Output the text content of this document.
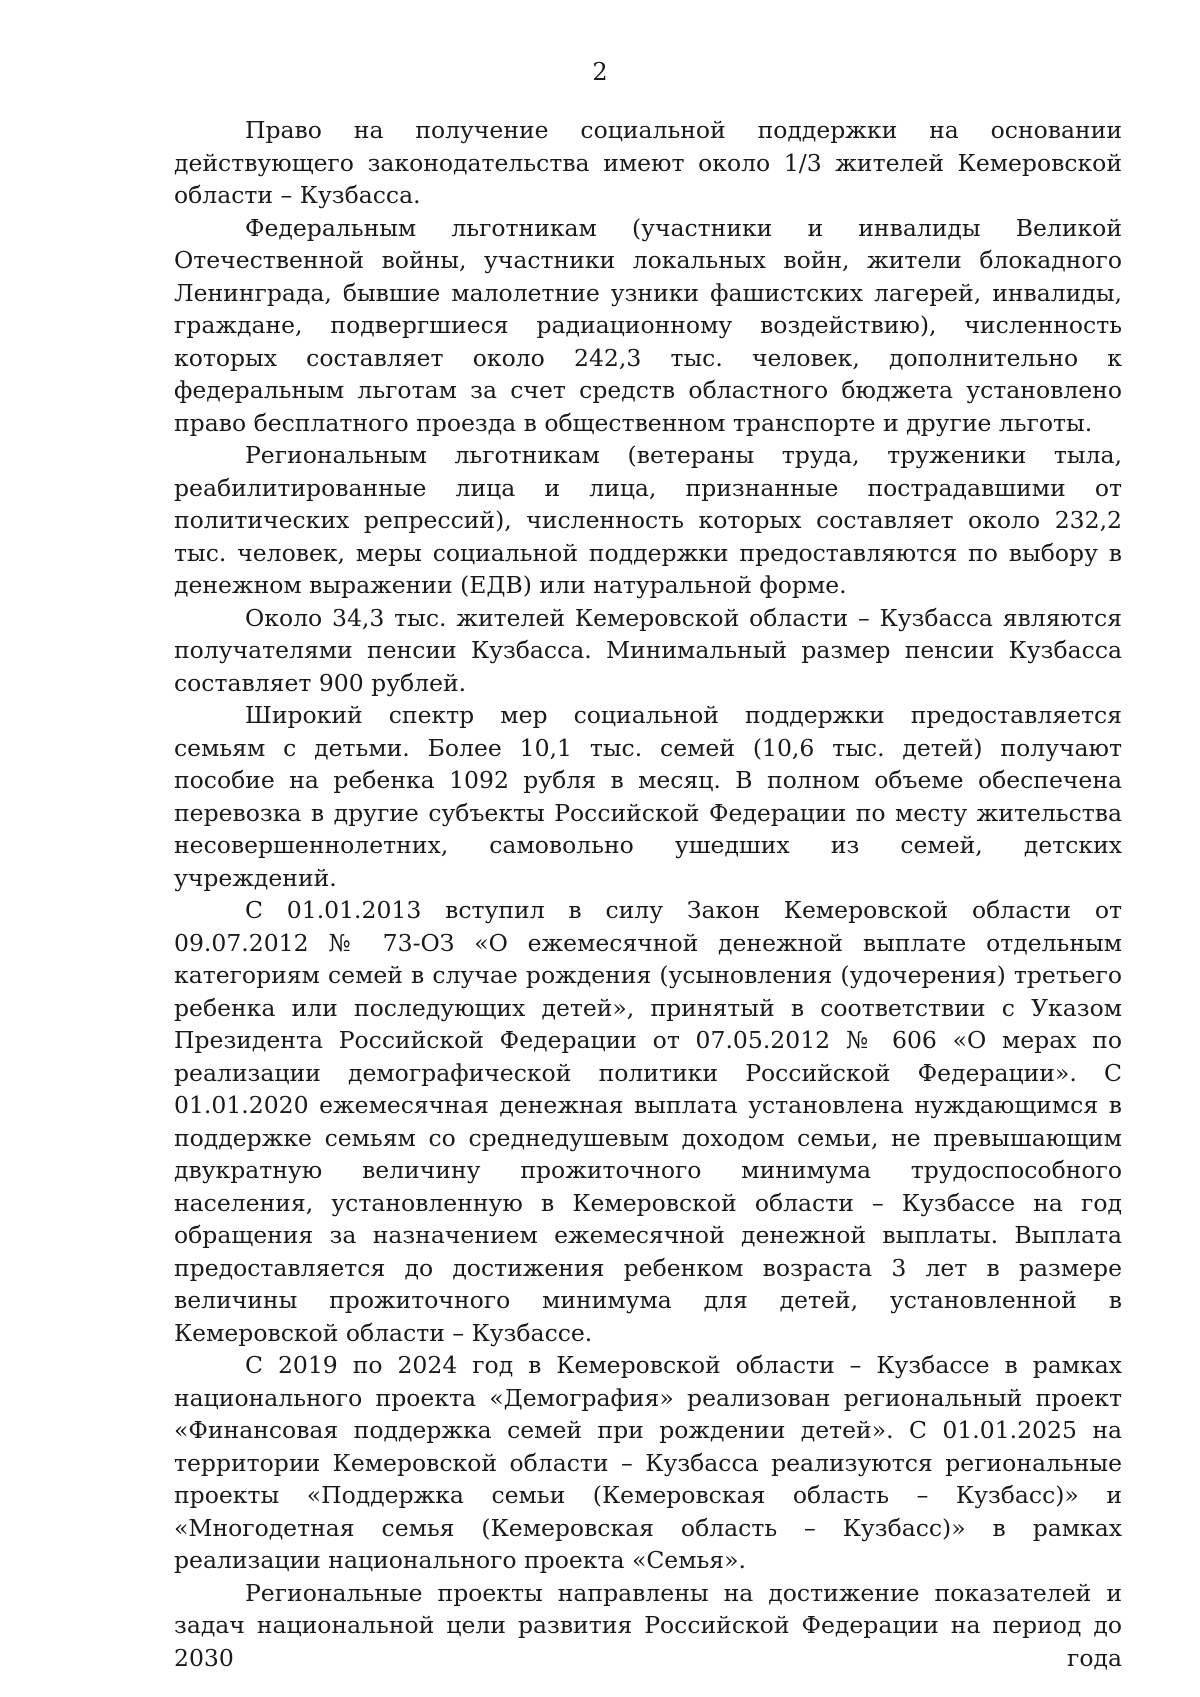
2

Право на получение социальной поддержки на основании действующего законодательства имеют около 1/3 жителей Кемеровской области – Кузбасса.

Федеральным льготникам (участники и инвалиды Великой Отечественной войны, участники локальных войн, жители блокадного Ленинграда, бывшие малолетние узники фашистских лагерей, инвалиды, граждане, подвергшиеся радиационному воздействию), численность которых составляет около 242,3 тыс. человек, дополнительно к федеральным льготам за счет средств областного бюджета установлено право бесплатного проезда в общественном транспорте и другие льготы.

Региональным льготникам (ветераны труда, труженики тыла, реабилитированные лица и лица, признанные пострадавшими от политических репрессий), численность которых составляет около 232,2 тыс. человек, меры социальной поддержки предоставляются по выбору в денежном выражении (ЕДВ) или натуральной форме.

Около 34,3 тыс. жителей Кемеровской области – Кузбасса являются получателями пенсии Кузбасса. Минимальный размер пенсии Кузбасса составляет 900 рублей.

Широкий спектр мер социальной поддержки предоставляется семьям с детьми. Более 10,1 тыс. семей (10,6 тыс. детей) получают пособие на ребенка 1092 рубля в месяц. В полном объеме обеспечена перевозка в другие субъекты Российской Федерации по месту жительства несовершеннолетних, самовольно ушедших из семей, детских учреждений.

С 01.01.2013 вступил в силу Закон Кемеровской области от 09.07.2012 № 73-ОЗ «О ежемесячной денежной выплате отдельным категориям семей в случае рождения (усыновления (удочерения) третьего ребенка или последующих детей», принятый в соответствии с Указом Президента Российской Федерации от 07.05.2012 № 606 «О мерах по реализации демографической политики Российской Федерации». С 01.01.2020 ежемесячная денежная выплата установлена нуждающимся в поддержке семьям со среднедушевым доходом семьи, не превышающим двукратную величину прожиточного минимума трудоспособного населения, установленную в Кемеровской области – Кузбассе на год обращения за назначением ежемесячной денежной выплаты. Выплата предоставляется до достижения ребенком возраста 3 лет в размере величины прожиточного минимума для детей, установленной в Кемеровской области – Кузбассе.

С 2019 по 2024 год в Кемеровской области – Кузбассе в рамках национального проекта «Демография» реализован региональный проект «Финансовая поддержка семей при рождении детей». С 01.01.2025 на территории Кемеровской области – Кузбасса реализуются региональные проекты «Поддержка семьи (Кемеровская область – Кузбасс)» и «Многодетная семья (Кемеровская область – Кузбасс)» в рамках реализации национального проекта «Семья».

Региональные проекты направлены на достижение показателей и задач национальной цели развития Российской Федерации на период до 2030 года
